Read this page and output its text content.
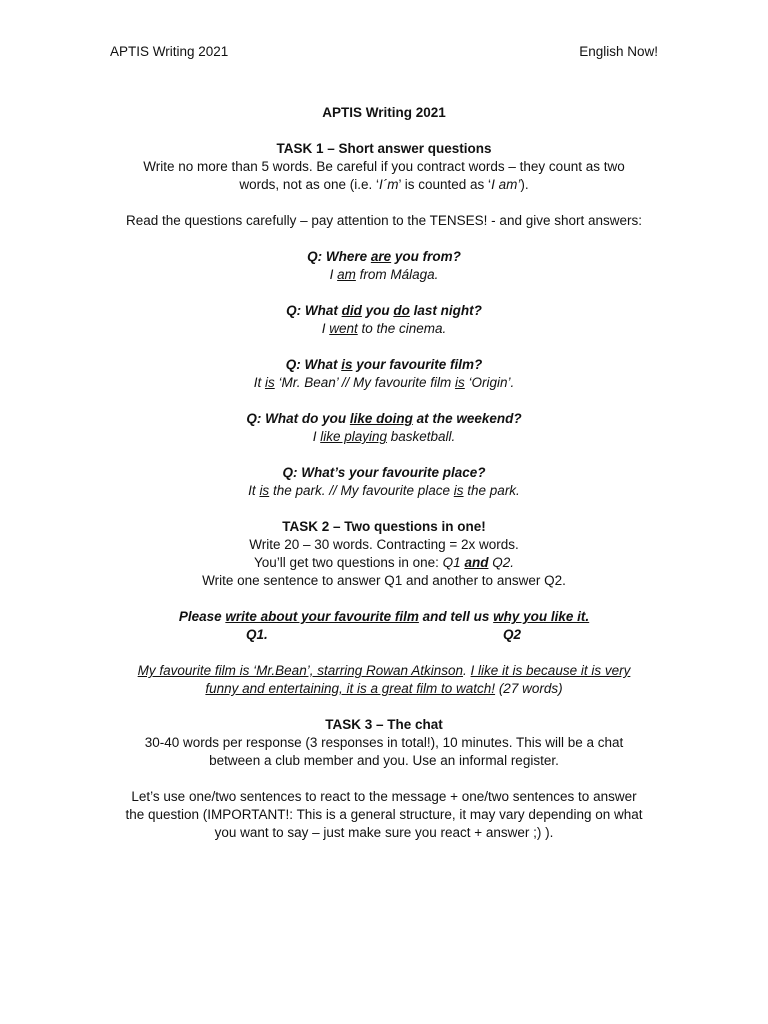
APTIS Writing 2021	English Now!
APTIS Writing 2021
TASK 1 – Short answer questions
Write no more than 5 words. Be careful if you contract words – they count as two
words, not as one (i.e. ‘I´m’ is counted as ‘I am’).
Read the questions carefully – pay attention to the TENSES! - and give short answers:
Q: Where are you from?
I am from Málaga.
Q: What did you do last night?
I went to the cinema.
Q: What is your favourite film?
It is ‘Mr. Bean’ // My favourite film is ‘Origin’.
Q: What do you like doing at the weekend?
I like playing basketball.
Q: What’s your favourite place?
It is the park. // My favourite place is the park.
TASK 2 – Two questions in one!
Write 20 – 30 words. Contracting = 2x words.
You’ll get two questions in one: Q1 and Q2.
Write one sentence to answer Q1 and another to answer Q2.
Please write about your favourite film and tell us why you like it.
Q1.	Q2
My favourite film is ‘Mr.Bean’, starring Rowan Atkinson. I like it is because it is very
funny and entertaining, it is a great film to watch! (27 words)
TASK 3 – The chat
30-40 words per response (3 responses in total!), 10 minutes. This will be a chat
between a club member and you. Use an informal register.
Let’s use one/two sentences to react to the message + one/two sentences to answer
the question (IMPORTANT!: This is a general structure, it may vary depending on what
you want to say – just make sure you react + answer ;) ).
